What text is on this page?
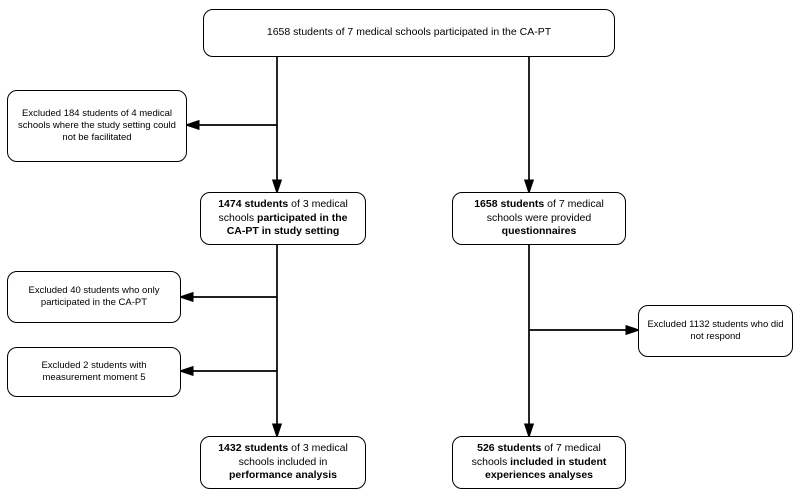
1658 students of 7 medical schools participated in the CA-PT
Excluded 184 students of 4 medical schools where the study setting could not be facilitated
1474 students of 3 medical schools participated in the CA-PT in study setting
1658 students of 7 medical schools were provided questionnaires
Excluded 40 students who only participated in the CA-PT
Excluded 2 students with measurement moment 5
Excluded 1132 students who did not respond
1432 students of 3 medical schools included in performance analysis
526 students of 7 medical schools included in student experiences analyses
